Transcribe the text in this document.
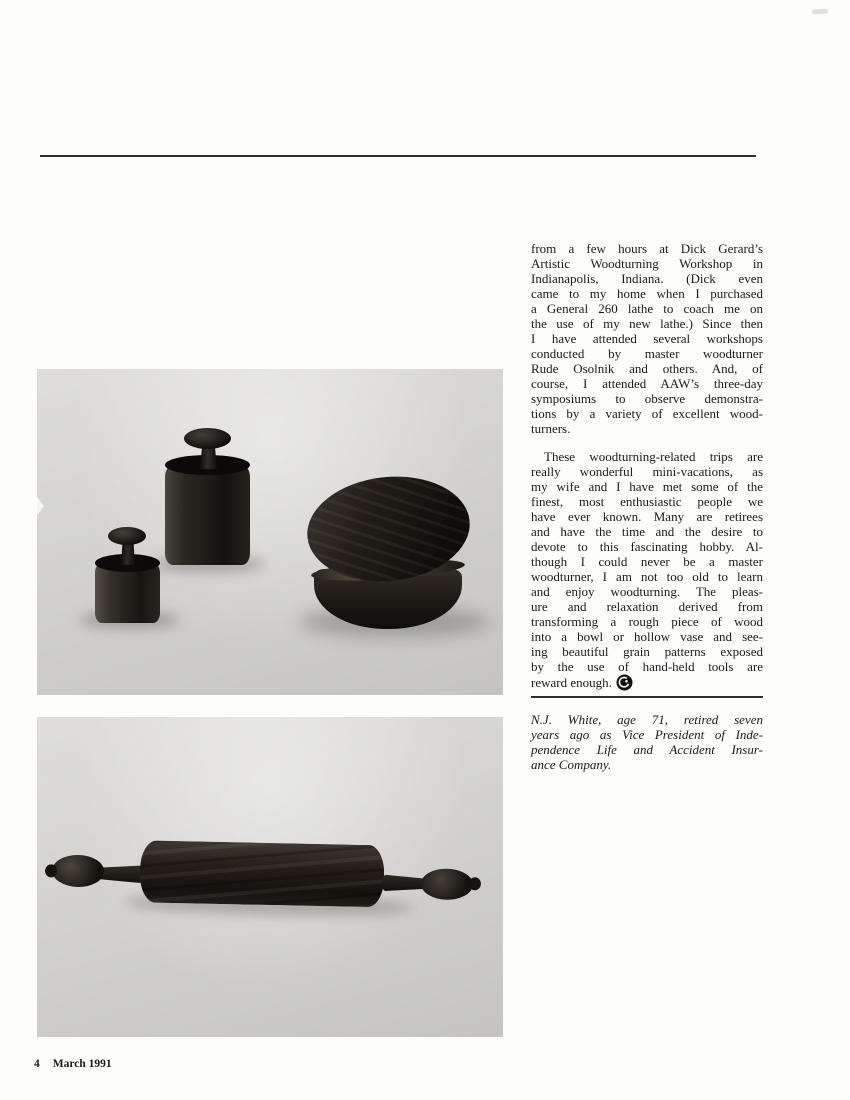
from a few hours at Dick Gerard’s
Artistic Woodturning Workshop in
Indianapolis, Indiana. (Dick even
came to my home when I purchased
a General 260 lathe to coach me on
the use of my new lathe.) Since then
I have attended several workshops
conducted by master woodturner
Rude Osolnik and others. And, of
course, I attended AAW’s three-day
symposiums to observe demonstra-
tions by a variety of excellent wood-
turners.
These woodturning-related trips are
really wonderful mini-vacations, as
my wife and I have met some of the
finest, most enthusiastic people we
have ever known. Many are retirees
and have the time and the desire to
devote to this fascinating hobby. Al-
though I could never be a master
woodturner, I am not too old to learn
and enjoy woodturning. The pleas-
ure and relaxation derived from
transforming a rough piece of wood
into a bowl or hollow vase and see-
ing beautiful grain patterns exposed
by the use of hand-held tools are
reward enough.
N.J. White, age 71, retired seven
years ago as Vice President of Inde-
pendence Life and Accident Insur-
ance Company.
4 March 1991
